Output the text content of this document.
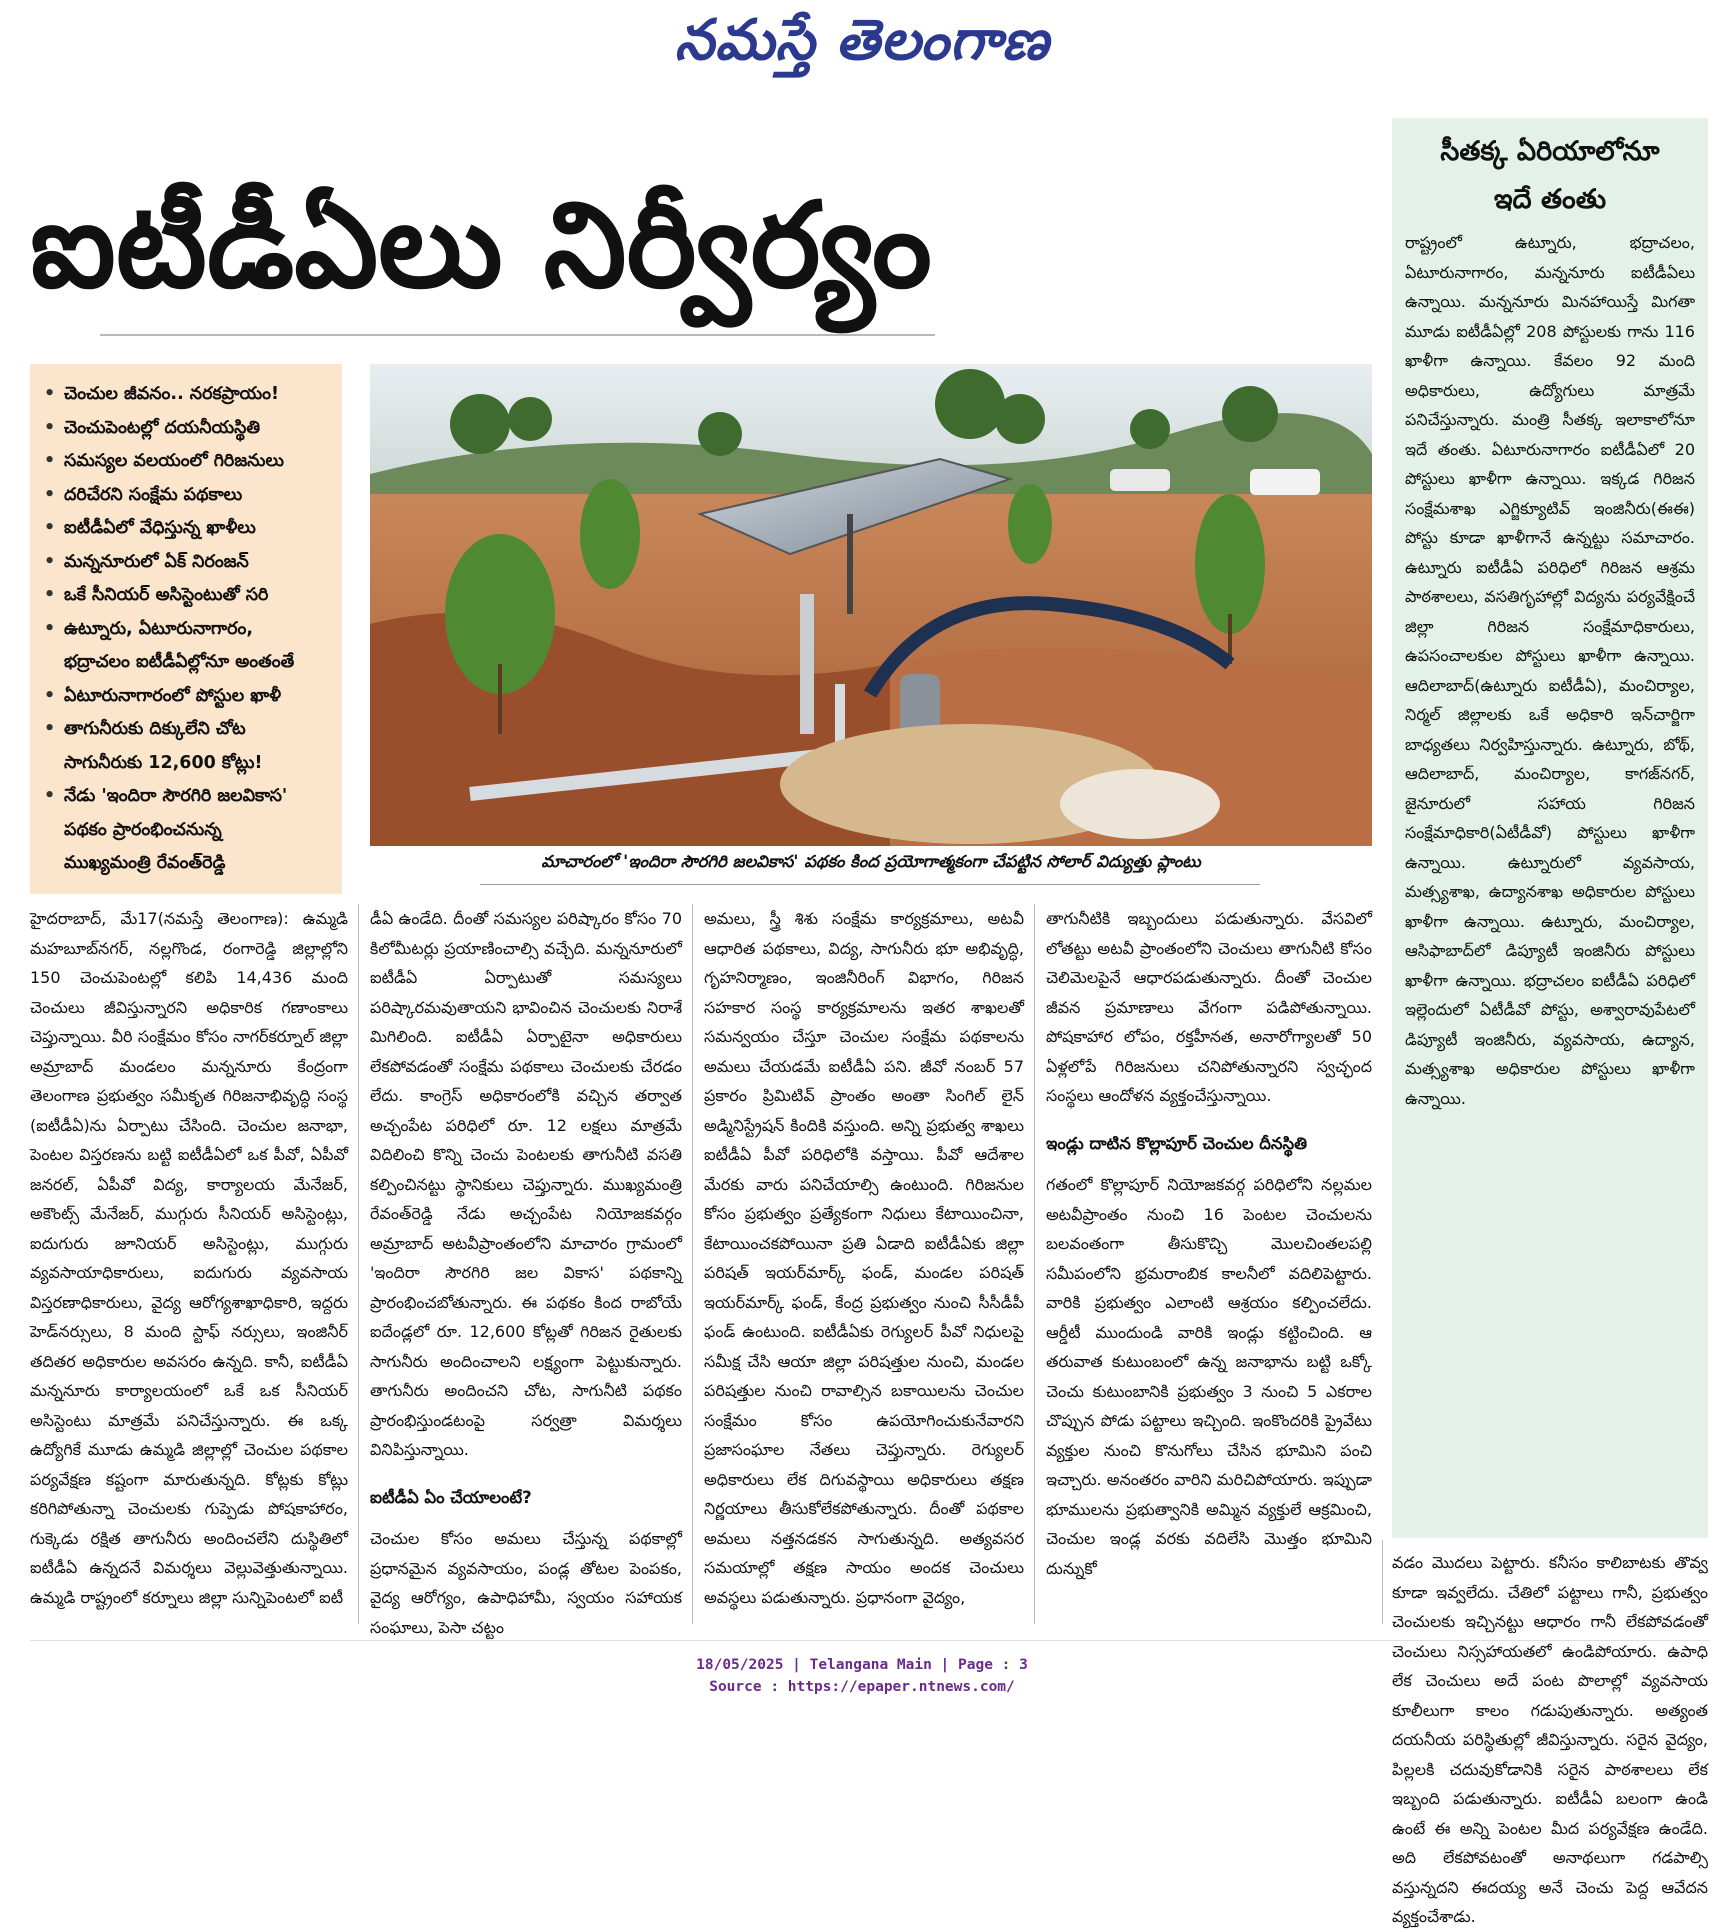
నమస్తే తెలంగాణ
ఐటీడీఏలు నిర్వీర్యం
• చెంచుల జీవనం.. నరకప్రాయం!
• చెంచుపెంటల్లో దయనీయస్థితి
• సమస్యల వలయంలో గిరిజనులు
• దరిచేరని సంక్షేమ పథకాలు
• ఐటీడీఏలో వేధిస్తున్న ఖాళీలు
• మన్ననూరులో ఏక్ నిరంజన్
• ఒకే సీనియర్ అసిస్టెంటుతో సరి
• ఉట్నూరు, ఏటూరునాగారం,
భద్రాచలం ఐటీడీఏల్లోనూ అంతంతే
• ఏటూరునాగారంలో పోస్టుల ఖాళీ
• తాగునీరుకు దిక్కులేని చోట
సాగునీరుకు 12,600 కోట్లు!
• నేడు 'ఇందిరా సౌరగిరి జలవికాస'
పథకం ప్రారంభించనున్న
ముఖ్యమంత్రి రేవంత్‌రెడ్డి	మాచారంలో 'ఇందిరా సౌరగిరి జలవికాస' పథకం కింద ప్రయోగాత్మకంగా చేపట్టిన సోలార్ విద్యుత్తు ప్లాంటు
సీతక్క ఏరియాలోనూ
ఇదే తంతు
రాష్ట్రంలో ఉట్నూరు, భద్రాచలం, ఏటూరునాగారం, మన్ననూరు ఐటీడీఏలు ఉన్నాయి. మన్ననూరు మినహాయిస్తే మిగతా మూడు ఐటీడీఏల్లో 208 పోస్టులకు గాను 116 ఖాళీగా ఉన్నాయి. కేవలం 92 మంది అధికారులు, ఉద్యోగులు మాత్రమే పనిచేస్తున్నారు. మంత్రి సీతక్క ఇలాకాలోనూ ఇదే తంతు. ఏటూరునాగారం ఐటీడీఏలో 20 పోస్టులు ఖాళీగా ఉన్నాయి. ఇక్కడ గిరిజన సంక్షేమశాఖ ఎగ్జిక్యూటివ్ ఇంజినీరు(ఈఈ) పోస్టు కూడా ఖాళీగానే ఉన్నట్టు సమాచారం. ఉట్నూరు ఐటీడీఏ పరిధిలో గిరిజన ఆశ్రమ పాఠశాలలు, వసతిగృహాల్లో విద్యను పర్యవేక్షించే జిల్లా గిరిజన సంక్షేమాధికారులు, ఉపసంచాలకుల పోస్టులు ఖాళీగా ఉన్నాయి. ఆదిలాబాద్(ఉట్నూరు ఐటీడీఏ), మంచిర్యాల, నిర్మల్ జిల్లాలకు ఒకే అధికారి ఇన్‌చార్జిగా బాధ్యతలు నిర్వహిస్తున్నారు. ఉట్నూరు, బోథ్, ఆదిలాబాద్, మంచిర్యాల, కాగజ్‌నగర్, జైనూరులో సహాయ గిరిజన సంక్షేమాధికారి(ఏటీడీవో) పోస్టులు ఖాళీగా ఉన్నాయి. ఉట్నూరులో వ్యవసాయ, మత్స్యశాఖ, ఉద్యానశాఖ అధికారుల పోస్టులు ఖాళీగా ఉన్నాయి. ఉట్నూరు, మంచిర్యాల, ఆసిఫాబాద్‌లో డిప్యూటీ ఇంజినీరు పోస్టులు ఖాళీగా ఉన్నాయి. భద్రాచలం ఐటీడీఏ పరిధిలో ఇల్లెందులో ఏటీడీవో పోస్టు, అశ్వారావుపేటలో డిప్యూటీ ఇంజినీరు, వ్యవసాయ, ఉద్యాన, మత్స్యశాఖ అధికారుల పోస్టులు ఖాళీగా ఉన్నాయి.

హైదరాబాద్, మే17(నమస్తే తెలంగాణ): ఉమ్మడి మహబూబ్‌నగర్, నల్లగొండ, రంగారెడ్డి జిల్లాల్లోని 150 చెంచుపెంటల్లో కలిపి 14,436 మంది చెంచులు జీవిస్తున్నారని అధికారిక గణాంకాలు చెప్తున్నాయి. వీరి సంక్షేమం కోసం నాగర్‌కర్నూల్ జిల్లా అమ్రాబాద్ మండలం మన్ననూరు కేంద్రంగా తెలంగాణ ప్రభుత్వం సమీకృత గిరిజనాభివృద్ధి సంస్థ (ఐటీడీఏ)ను ఏర్పాటు చేసింది. చెంచుల జనాభా, పెంటల విస్తరణను బట్టి ఐటీడీఏలో ఒక పీవో, ఏపీవో జనరల్, ఏపీవో విద్య, కార్యాలయ మేనేజర్, అకౌంట్స్ మేనేజర్, ముగ్గురు సీనియర్ అసిస్టెంట్లు, ఐదుగురు జూనియర్ అసిస్టెంట్లు, ముగ్గురు వ్యవసాయాధికారులు, ఐదుగురు వ్యవసాయ విస్తరణాధికారులు, వైద్య ఆరోగ్యశాఖాధికారి, ఇద్దరు హెడ్‌నర్సులు, 8 మంది స్టాఫ్ నర్సులు, ఇంజినీర్ తదితర అధికారుల అవసరం ఉన్నది. కానీ, ఐటీడీఏ మన్ననూరు కార్యాలయంలో ఒకే ఒక సీనియర్ అసిస్టెంటు మాత్రమే పనిచేస్తున్నారు. ఈ ఒక్క ఉద్యోగికే మూడు ఉమ్మడి జిల్లాల్లో చెంచుల పథకాల పర్యవేక్షణ కష్టంగా మారుతున్నది. కోట్లకు కోట్లు కరిగిపోతున్నా చెంచులకు గుప్పెడు పోషకాహారం, గుక్కెడు రక్షిత తాగునీరు అందించలేని దుస్థితిలో ఐటీడీఏ ఉన్నదనే విమర్శలు వెల్లువెత్తుతున్నాయి. ఉమ్మడి రాష్ట్రంలో కర్నూలు జిల్లా సున్నిపెంటలో ఐటీ

డీఏ ఉండేది. దీంతో సమస్యల పరిష్కారం కోసం 70 కిలోమీటర్లు ప్రయాణించాల్సి వచ్చేది. మన్ననూరులో ఐటీడీఏ ఏర్పాటుతో సమస్యలు పరిష్కారమవుతాయని భావించిన చెంచులకు నిరాశే మిగిలింది. ఐటీడీఏ ఏర్పాటైనా అధికారులు లేకపోవడంతో సంక్షేమ పథకాలు చెంచులకు చేరడం లేదు. కాంగ్రెస్ అధికారంలోకి వచ్చిన తర్వాత అచ్చంపేట పరిధిలో రూ. 12 లక్షలు మాత్రమే విదిలించి కొన్ని చెంచు పెంటలకు తాగునీటి వసతి కల్పించినట్టు స్థానికులు చెప్తున్నారు. ముఖ్యమంత్రి రేవంత్‌రెడ్డి నేడు అచ్చంపేట నియోజకవర్గం అమ్రాబాద్ అటవీప్రాంతంలోని మాచారం గ్రామంలో 'ఇందిరా సౌరగిరి జల వికాస' పథకాన్ని ప్రారంభించబోతున్నారు. ఈ పథకం కింద రాబోయే ఐదేండ్లలో రూ. 12,600 కోట్లతో గిరిజన రైతులకు సాగునీరు అందించాలని లక్ష్యంగా పెట్టుకున్నారు. తాగునీరు అందించని చోట, సాగునీటి పథకం ప్రారంభిస్తుండటంపై సర్వత్రా విమర్శలు వినిపిస్తున్నాయి.

ఐటీడీఏ ఏం చేయాలంటే?

చెంచుల కోసం అమలు చేస్తున్న పథకాల్లో ప్రధానమైన వ్యవసాయం, పండ్ల తోటల పెంపకం, వైద్య ఆరోగ్యం, ఉపాధిహామీ, స్వయం సహాయక సంఘాలు, పెసా చట్టం

అమలు, స్త్రీ శిశు సంక్షేమ కార్యక్రమాలు, అటవీ ఆధారిత పథకాలు, విద్య, సాగునీరు భూ అభివృద్ధి, గృహనిర్మాణం, ఇంజినీరింగ్ విభాగం, గిరిజన సహకార సంస్థ కార్యక్రమాలను ఇతర శాఖలతో సమన్వయం చేస్తూ చెంచుల సంక్షేమ పథకాలను అమలు చేయడమే ఐటీడీఏ పని. జీవో నంబర్ 57 ప్రకారం ప్రిమిటివ్ ప్రాంతం అంతా సింగిల్ లైన్ అడ్మినిస్ట్రేషన్ కిందికి వస్తుంది. అన్ని ప్రభుత్వ శాఖలు ఐటీడీఏ పీవో పరిధిలోకి వస్తాయి. పీవో ఆదేశాల మేరకు వారు పనిచేయాల్సి ఉంటుంది. గిరిజనుల కోసం ప్రభుత్వం ప్రత్యేకంగా నిధులు కేటాయించినా, కేటాయించకపోయినా ప్రతి ఏడాది ఐటీడీఏకు జిల్లా పరిషత్ ఇయర్‌మార్క్ ఫండ్, మండల పరిషత్ ఇయర్‌మార్క్ ఫండ్, కేంద్ర ప్రభుత్వం నుంచి సీసీడీపీ ఫండ్ ఉంటుంది. ఐటీడీఏకు రెగ్యులర్ పీవో నిధులపై సమీక్ష చేసి ఆయా జిల్లా పరిషత్తుల నుంచి, మండల పరిషత్తుల నుంచి రావాల్సిన బకాయిలను చెంచుల సంక్షేమం కోసం ఉపయోగించుకునేవారని ప్రజాసంఘాల నేతలు చెప్తున్నారు. రెగ్యులర్ అధికారులు లేక దిగువస్థాయి అధికారులు తక్షణ నిర్ణయాలు తీసుకోలేకపోతున్నారు. దీంతో పథకాల అమలు నత్తనడకన సాగుతున్నది. అత్యవసర సమయాల్లో తక్షణ సాయం అందక చెంచులు అవస్థలు పడుతున్నారు. ప్రధానంగా వైద్యం,

తాగునీటికి ఇబ్బందులు పడుతున్నారు. వేసవిలో లోతట్టు అటవీ ప్రాంతంలోని చెంచులు తాగునీటి కోసం చెలిమెలపైనే ఆధారపడుతున్నారు. దీంతో చెంచుల జీవన ప్రమాణాలు వేగంగా పడిపోతున్నాయి. పోషకాహార లోపం, రక్తహీనత, అనారోగ్యాలతో 50 ఏళ్లలోపే గిరిజనులు చనిపోతున్నారని స్వచ్ఛంద సంస్థలు ఆందోళన వ్యక్తంచేస్తున్నాయి.

ఇండ్లు దాటిన కొల్లాపూర్ చెంచుల దీనస్థితి

గతంలో కొల్లాపూర్ నియోజకవర్గ పరిధిలోని నల్లమల అటవీప్రాంతం నుంచి 16 పెంటల చెంచులను బలవంతంగా తీసుకొచ్చి మొలచింతలపల్లి సమీపంలోని భ్రమరాంబిక కాలనీలో వదిలిపెట్టారు. వారికి ప్రభుత్వం ఎలాంటి ఆశ్రయం కల్పించలేదు. ఆర్డీటీ ముందుండి వారికి ఇండ్లు కట్టించింది. ఆ తరువాత కుటుంబంలో ఉన్న జనాభాను బట్టి ఒక్కో చెంచు కుటుంబానికి ప్రభుత్వం 3 నుంచి 5 ఎకరాల చొప్పున పోడు పట్టాలు ఇచ్చింది. ఇంకొందరికి ప్రైవేటు వ్యక్తుల నుంచి కొనుగోలు చేసిన భూమిని పంచి ఇచ్చారు. అనంతరం వారిని మరిచిపోయారు. ఇప్పుడా భూములను ప్రభుత్వానికి అమ్మిన వ్యక్తులే ఆక్రమించి, చెంచుల ఇండ్ల వరకు వదిలేసి మొత్తం భూమిని దున్నుకో	వడం మొదలు పెట్టారు. కనీసం కాలిబాటకు తొవ్వ కూడా ఇవ్వలేదు. చేతిలో పట్టాలు గానీ, ప్రభుత్వం చెంచులకు ఇచ్చినట్టు ఆధారం గానీ లేకపోవడంతో చెంచులు నిస్సహాయతలో ఉండిపోయారు. ఉపాధి లేక చెంచులు అదే పంట పొలాల్లో వ్యవసాయ కూలీలుగా కాలం గడుపుతున్నారు. అత్యంత దయనీయ పరిస్థితుల్లో జీవిస్తున్నారు. సరైన వైద్యం, పిల్లలకి చదువుకోడానికి సరైన పాఠశాలలు లేక ఇబ్బంది పడుతున్నారు. ఐటీడీఏ బలంగా ఉండి ఉంటే ఈ అన్ని పెంటల మీద పర్యవేక్షణ ఉండేది. అది లేకపోవటంతో అనాథలుగా గడపాల్సి వస్తున్నదని ఈదయ్య అనే చెంచు పెద్ద ఆవేదన వ్యక్తంచేశాడు.

18/05/2025 | Telangana Main | Page : 3
Source : https://epaper.ntnews.com/
